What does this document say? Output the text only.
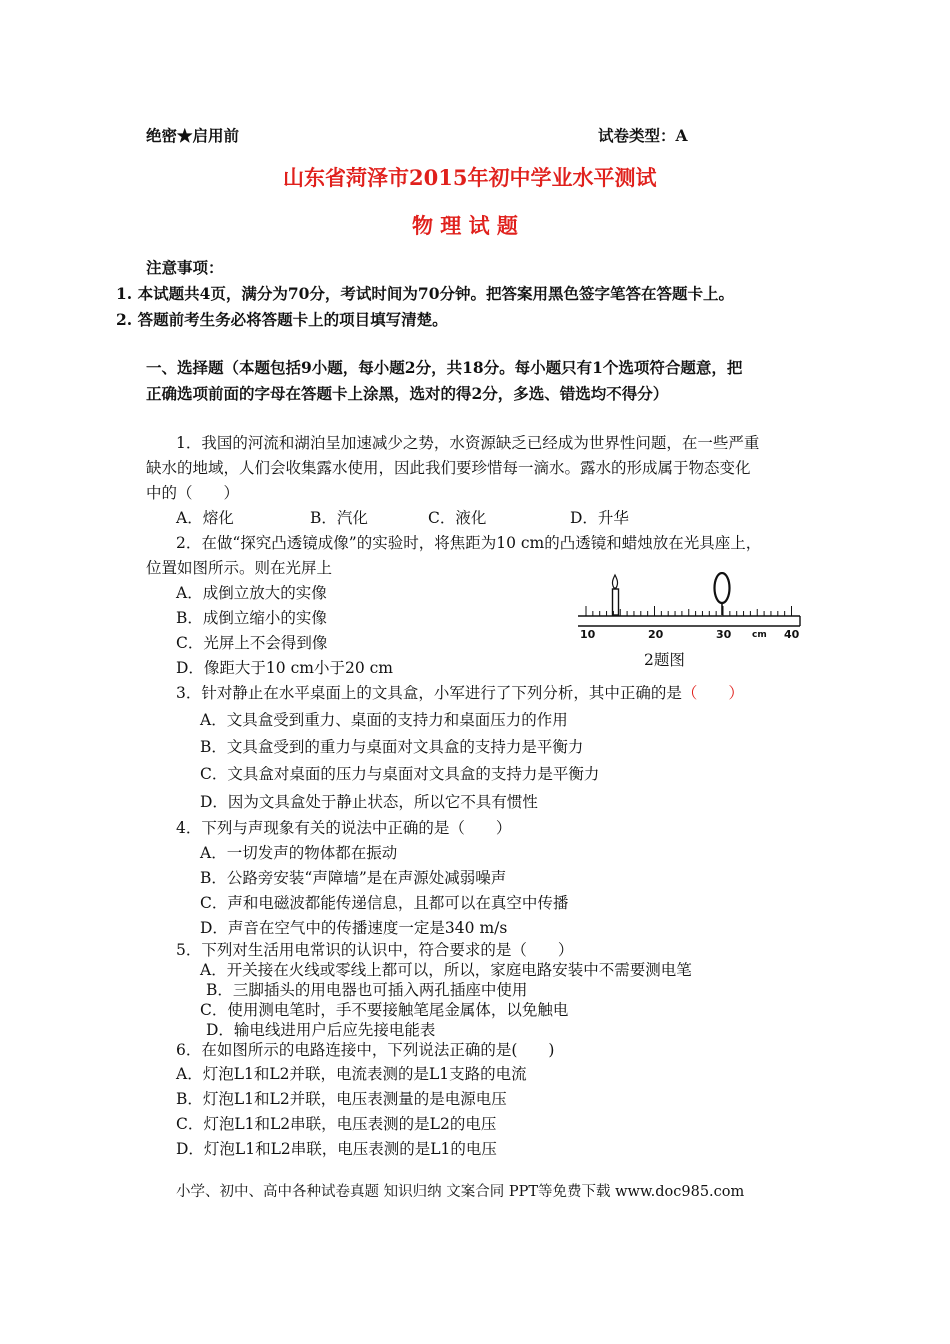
绝密★启用前	试卷类型：A
山东省菏泽市2015年初中学业水平测试
物 理 试 题
注意事项：
1. 本试题共4页，满分为70分，考试时间为70分钟。把答案用黑色签字笔答在答题卡上。
2. 答题前考生务必将答题卡上的项目填写清楚。
一、选择题（本题包括9小题，每小题2分，共18分。每小题只有1个选项符合题意，把
正确选项前面的字母在答题卡上涂黑，选对的得2分，多选、错选均不得分）
1．我国的河流和湖泊呈加速减少之势，水资源缺乏已经成为世界性问题，在一些严重
缺水的地域，人们会收集露水使用，因此我们要珍惜每一滴水。露水的形成属于物态变化
中的（　　）
A．熔化	B．汽化	C．液化	D．升华
2．在做“探究凸透镜成像”的实验时，将焦距为10 cm的凸透镜和蜡烛放在光具座上，
位置如图所示。则在光屏上
A．成倒立放大的实像
B．成倒立缩小的实像
C．光屏上不会得到像
D．像距大于10 cm小于20 cm
10	20	30 cm 40
2题图
3．针对静止在水平桌面上的文具盒，小军进行了下列分析，其中正确的是（　　）
A．文具盒受到重力、桌面的支持力和桌面压力的作用
B．文具盒受到的重力与桌面对文具盒的支持力是平衡力
C．文具盒对桌面的压力与桌面对文具盒的支持力是平衡力
D．因为文具盒处于静止状态，所以它不具有惯性
4．下列与声现象有关的说法中正确的是（　　）
A．一切发声的物体都在振动
B．公路旁安装“声障墙”是在声源处减弱噪声
C．声和电磁波都能传递信息，且都可以在真空中传播
D．声音在空气中的传播速度一定是340 m/s
5．下列对生活用电常识的认识中，符合要求的是（　　）
A．开关接在火线或零线上都可以，所以，家庭电路安装中不需要测电笔
B．三脚插头的用电器也可插入两孔插座中使用
C．使用测电笔时，手不要接触笔尾金属体，以免触电
D．输电线进用户后应先接电能表
6．在如图所示的电路连接中，下列说法正确的是(　　)
A．灯泡L1和L2并联，电流表测的是L1支路的电流
B．灯泡L1和L2并联，电压表测量的是电源电压
C．灯泡L1和L2串联，电压表测的是L2的电压
D．灯泡L1和L2串联，电压表测的是L1的电压
小学、初中、高中各种试卷真题 知识归纳 文案合同 PPT等免费下载 www.doc985.com
